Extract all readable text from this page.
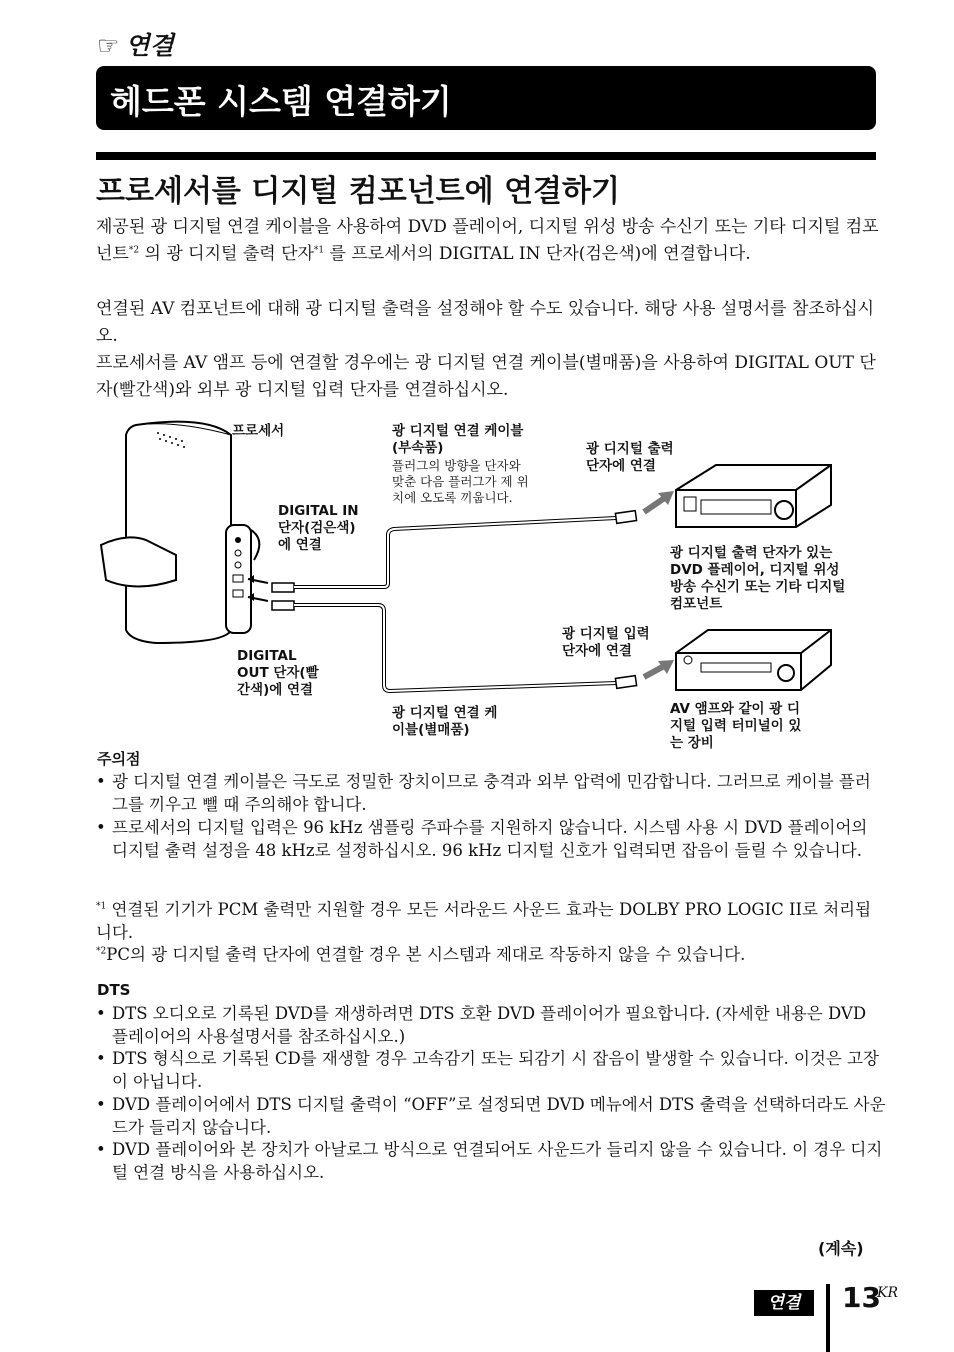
☞ 연결
헤드폰 시스템 연결하기
프로세서를 디지털 컴포넌트에 연결하기
제공된 광 디지털 연결 케이블을 사용하여 DVD 플레이어, 디지털 위성 방송 수신기 또는 기타 디지털 컴포넌트$^{*2}$ 의 광 디지털 출력 단자$^{*1}$ 를 프로세서의 DIGITAL IN 단자(검은색)에 연결합니다.
연결된 AV 컴포넌트에 대해 광 디지털 출력을 설정해야 할 수도 있습니다. 해당 사용 설명서를 참조하십시오.
프로세서를 AV 앰프 등에 연결할 경우에는 광 디지털 연결 케이블(별매품)을 사용하여 DIGITAL OUT 단자(빨간색)와 외부 광 디지털 입력 단자를 연결하십시오.
프로세서	광 디지털 연결 케이블
(부속품)
플러그의 방향을 단자와
맞춘 다음 플러그가 제 위
치에 오도록 끼웁니다.
광 디지털 출력
단자에 연결
DIGITAL IN
단자(검은색)
에 연결	광 디지털 출력 단자가 있는
DVD 플레이어, 디지털 위성
방송 수신기 또는 기타 디지털
컴포넌트
광 디지털 입력
단자에 연결
DIGITAL
OUT 단자(빨
간색)에 연결
광 디지털 연결 케
이블(별매품)
AV 앰프와 같이 광 디
지털 입력 터미널이 있
는 장비
주의점
• 광 디지털 연결 케이블은 극도로 정밀한 장치이므로 충격과 외부 압력에 민감합니다. 그러므로 케이블 플러그를 끼우고 뺄 때 주의해야 합니다.
• 프로세서의 디지털 입력은 96 kHz 샘플링 주파수를 지원하지 않습니다. 시스템 사용 시 DVD 플레이어의 디지털 출력 설정을 48 kHz로 설정하십시오. 96 kHz 디지털 신호가 입력되면 잡음이 들릴 수 있습니다.
$^{*1}$ 연결된 기기가 PCM 출력만 지원할 경우 모든 서라운드 사운드 효과는 DOLBY PRO LOGIC II로 처리됩니다.
$^{*2}$PC의 광 디지털 출력 단자에 연결할 경우 본 시스템과 제대로 작동하지 않을 수 있습니다.
DTS
• DTS 오디오로 기록된 DVD를 재생하려면 DTS 호환 DVD 플레이어가 필요합니다. (자세한 내용은 DVD 플레이어의 사용설명서를 참조하십시오.)
• DTS 형식으로 기록된 CD를 재생할 경우 고속감기 또는 되감기 시 잡음이 발생할 수 있습니다. 이것은 고장이 아닙니다.
• DVD 플레이어에서 DTS 디지털 출력이 “OFF”로 설정되면 DVD 메뉴에서 DTS 출력을 선택하더라도 사운드가 들리지 않습니다.
• DVD 플레이어와 본 장치가 아날로그 방식으로 연결되어도 사운드가 들리지 않을 수 있습니다. 이 경우 디지털 연결 방식을 사용하십시오.
(계속)
연결	13
KR
